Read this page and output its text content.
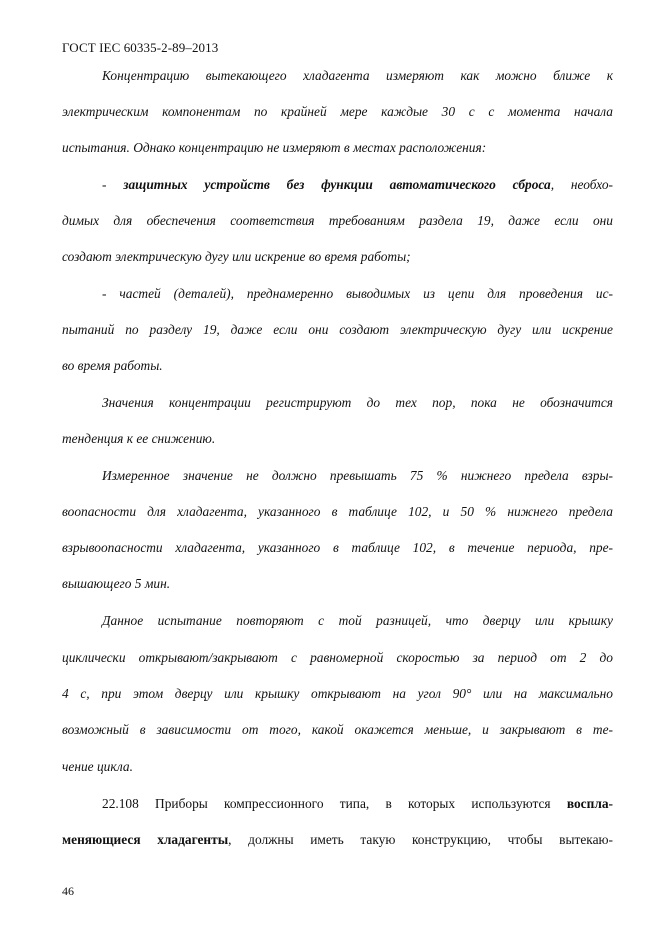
ГОСТ IEC 60335-2-89–2013
Концентрацию вытекающего хладагента измеряют как можно ближе к
электрическим компонентам по крайней мере каждые 30 с с момента начала
испытания. Однако концентрацию не измеряют в местах расположения:
- защитных устройств без функции автоматического сброса, необхо-
димых для обеспечения соответствия требованиям раздела 19, даже если они
создают электрическую дугу или искрение во время работы;
- частей (деталей), преднамеренно выводимых из цепи для проведения ис-
пытаний по разделу 19, даже если они создают электрическую дугу или искрение
во время работы.
Значения концентрации регистрируют до тех пор, пока не обозначится
тенденция к ее снижению.
Измеренное значение не должно превышать 75 % нижнего предела взры-
воопасности для хладагента, указанного в таблице 102, и 50 % нижнего предела
взрывоопасности хладагента, указанного в таблице 102, в течение периода, пре-
вышающего 5 мин.
Данное испытание повторяют с той разницей, что дверцу или крышку
циклически открывают/закрывают с равномерной скоростью за период от 2 до
4 с, при этом дверцу или крышку открывают на угол 90° или на максимально
возможный в зависимости от того, какой окажется меньше, и закрывают в те-
чение цикла.
22.108 Приборы компрессионного типа, в которых используются воспла-
меняющиеся хладагенты, должны иметь такую конструкцию, чтобы вытекаю-
46
